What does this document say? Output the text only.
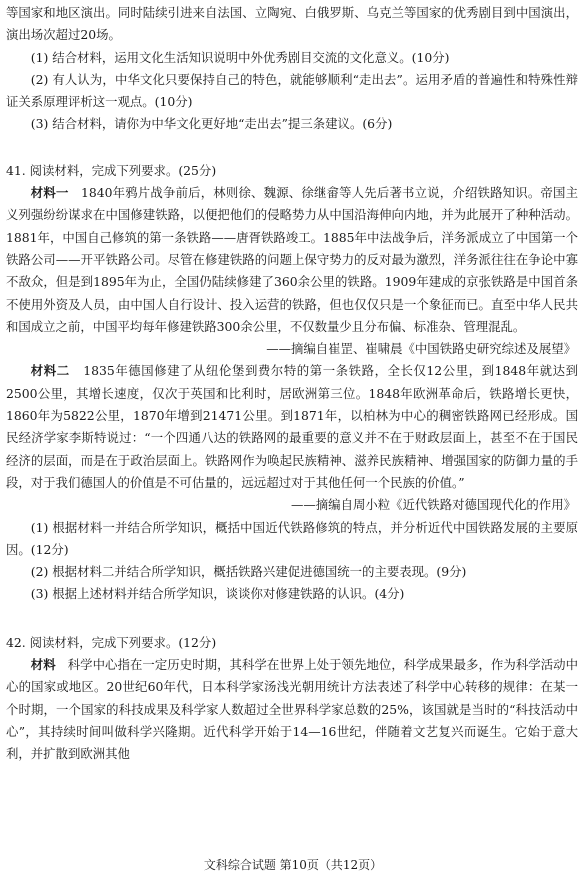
等国家和地区演出。同时陆续引进来自法国、立陶宛、白俄罗斯、乌克兰等国家的优秀剧目到中国演出，演出场次超过20场。

(1) 结合材料，运用文化生活知识说明中外优秀剧目交流的文化意义。(10分)

(2) 有人认为，中华文化只要保持自己的特色，就能够顺利“走出去”。运用矛盾的普遍性和特殊性辩证关系原理评析这一观点。(10分)

(3) 结合材料，请你为中华文化更好地“走出去”提三条建议。(6分)

41. 阅读材料，完成下列要求。(25分)

材料一 1840年鸦片战争前后，林则徐、魏源、徐继畲等人先后著书立说，介绍铁路知识。帝国主义列强纷纷谋求在中国修建铁路，以便把他们的侵略势力从中国沿海伸向内地，并为此展开了种种活动。1881年，中国自己修筑的第一条铁路——唐胥铁路竣工。1885年中法战争后，洋务派成立了中国第一个铁路公司——开平铁路公司。尽管在修建铁路的问题上保守势力的反对最为激烈，洋务派往往在争论中寡不敌众，但是到1895年为止，全国仍陆续修建了360余公里的铁路。1909年建成的京张铁路是中国首条不使用外资及人员，由中国人自行设计、投入运营的铁路，但也仅仅只是一个象征而已。直至中华人民共和国成立之前，中国平均每年修建铁路300余公里，不仅数量少且分布偏、标准杂、管理混乱。

——摘编自崔罡、崔啸晨《中国铁路史研究综述及展望》

材料二 1835年德国修建了从纽伦堡到费尔特的第一条铁路，全长仅12公里，到1848年就达到2500公里，其增长速度，仅次于英国和比利时，居欧洲第三位。1848年欧洲革命后，铁路增长更快，1860年为5822公里，1870年增到21471公里。到1871年，以柏林为中心的稠密铁路网已经形成。国民经济学家李斯特说过：“一个四通八达的铁路网的最重要的意义并不在于财政层面上，甚至不在于国民经济的层面，而是在于政治层面上。铁路网作为唤起民族精神、滋养民族精神、增强国家的防御力量的手段，对于我们德国人的价值是不可估量的，远远超过对于其他任何一个民族的价值。”

——摘编自周小粒《近代铁路对德国现代化的作用》

(1) 根据材料一并结合所学知识，概括中国近代铁路修筑的特点，并分析近代中国铁路发展的主要原因。(12分)

(2) 根据材料二并结合所学知识，概括铁路兴建促进德国统一的主要表现。(9分)

(3) 根据上述材料并结合所学知识，谈谈你对修建铁路的认识。(4分)

42. 阅读材料，完成下列要求。(12分)

材料 科学中心指在一定历史时期，其科学在世界上处于领先地位，科学成果最多，作为科学活动中心的国家或地区。20世纪60年代，日本科学家汤浅光朝用统计方法表述了科学中心转移的规律：在某一个时期，一个国家的科技成果及科学家人数超过全世界科学家总数的25%，该国就是当时的“科技活动中心”，其持续时间叫做科学兴隆期。近代科学开始于14—16世纪，伴随着文艺复兴而诞生。它始于意大利，并扩散到欧洲其他

文科综合试题 第10页（共12页）
